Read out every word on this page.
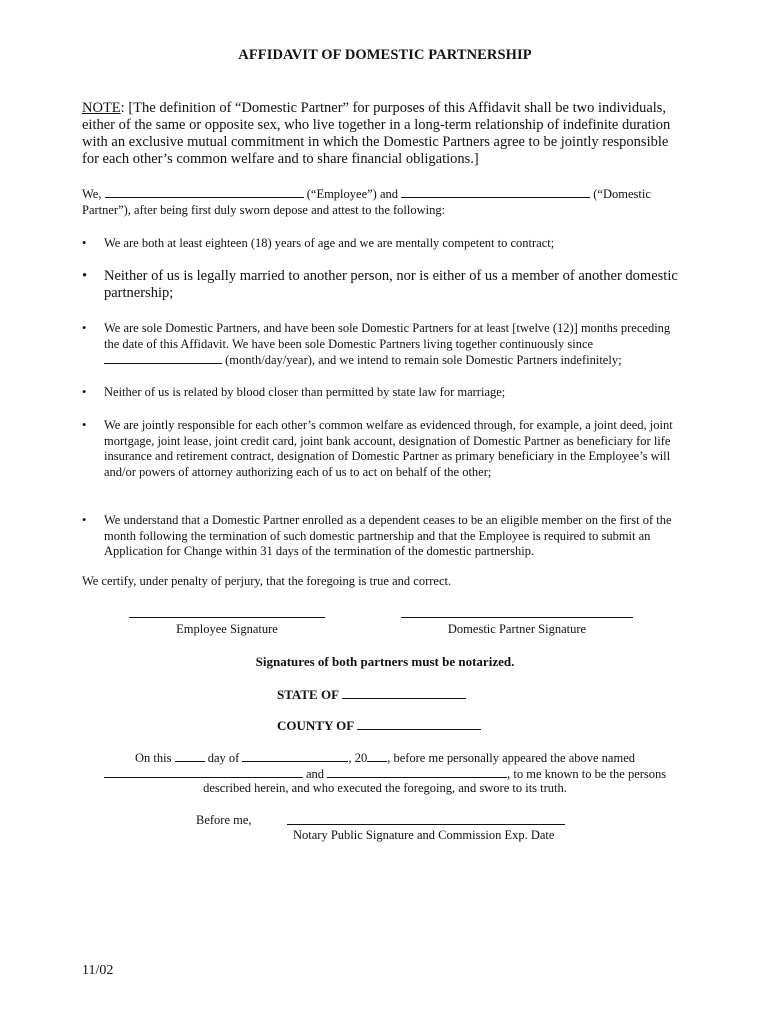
AFFIDAVIT OF DOMESTIC PARTNERSHIP
NOTE: [The definition of “Domestic Partner” for purposes of this Affidavit shall be two individuals, either of the same or opposite sex, who live together in a long-term relationship of indefinite duration with an exclusive mutual commitment in which the Domestic Partners agree to be jointly responsible for each other’s common welfare and to share financial obligations.]
We,	(“Employee”) and	(“Domestic
Partner”), after being first duly sworn depose and attest to the following:
•	We are both at least eighteen (18) years of age and we are mentally competent to contract;
•	Neither of us is legally married to another person, nor is either of us a member of another domestic partnership;
•	We are sole Domestic Partners, and have been sole Domestic Partners for at least [twelve (12)] months preceding the date of this Affidavit. We have been sole Domestic Partners living together continuously since  (month/day/year), and we intend to remain sole Domestic Partners indefinitely;
•	Neither of us is related by blood closer than permitted by state law for marriage;
•	We are jointly responsible for each other’s common welfare as evidenced through, for example, a joint deed, joint mortgage, joint lease, joint credit card, joint bank account, designation of Domestic Partner as beneficiary for life insurance and retirement contract, designation of Domestic Partner as primary beneficiary in the Employee’s will and/or powers of attorney authorizing each of us to act on behalf of the other;
•	We understand that a Domestic Partner enrolled as a dependent ceases to be an eligible member on the first of the month following the termination of such domestic partnership and that the Employee is required to submit an Application for Change within 31 days of the termination of the domestic partnership.
We certify, under penalty of perjury, that the foregoing is true and correct.
Employee Signature	Domestic Partner Signature
Signatures of both partners must be notarized.
STATE OF
COUNTY OF
On this	day of	, 20 , before me personally appeared the above named
and	, to me known to be the persons
described herein, and who executed the foregoing, and swore to its truth.
Before me,
Notary Public Signature and Commission Exp. Date
11/02
